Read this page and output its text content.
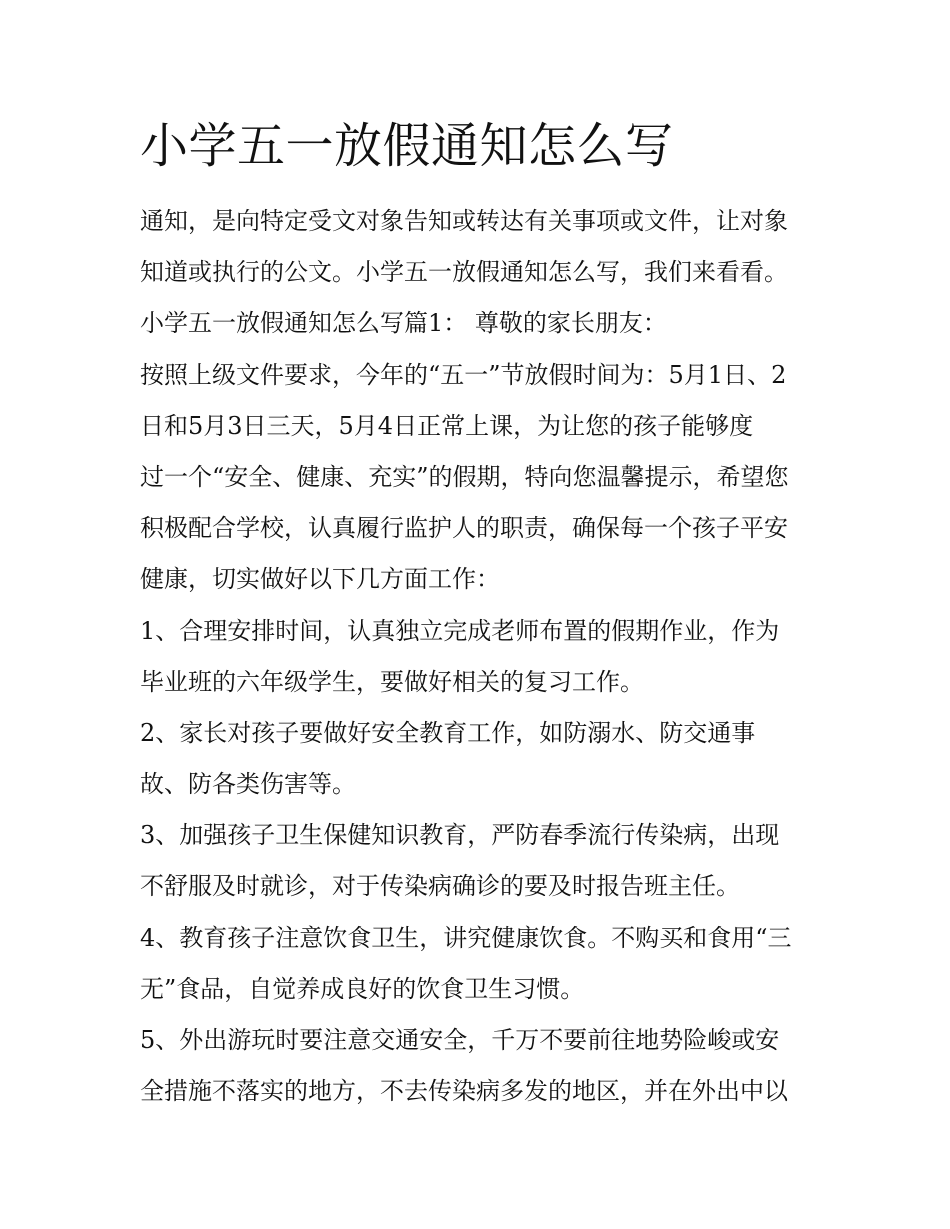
小学五一放假通知怎么写
通知，是向特定受文对象告知或转达有关事项或文件，让对象
知道或执行的公文。小学五一放假通知怎么写，我们来看看。
小学五一放假通知怎么写篇1： 尊敬的家长朋友：
按照上级文件要求，今年的“五一”节放假时间为：5月1日、2
日和5月3日三天，5月4日正常上课，为让您的孩子能够度
过一个“安全、健康、充实”的假期，特向您温馨提示，希望您
积极配合学校，认真履行监护人的职责，确保每一个孩子平安
健康，切实做好以下几方面工作：
1、合理安排时间，认真独立完成老师布置的假期作业，作为
毕业班的六年级学生，要做好相关的复习工作。
2、家长对孩子要做好安全教育工作，如防溺水、防交通事
故、防各类伤害等。
3、加强孩子卫生保健知识教育，严防春季流行传染病，出现
不舒服及时就诊，对于传染病确诊的要及时报告班主任。
4、教育孩子注意饮食卫生，讲究健康饮食。不购买和食用“三
无”食品，自觉养成良好的饮食卫生习惯。
5、外出游玩时要注意交通安全，千万不要前往地势险峻或安
全措施不落实的地方，不去传染病多发的地区，并在外出中以
